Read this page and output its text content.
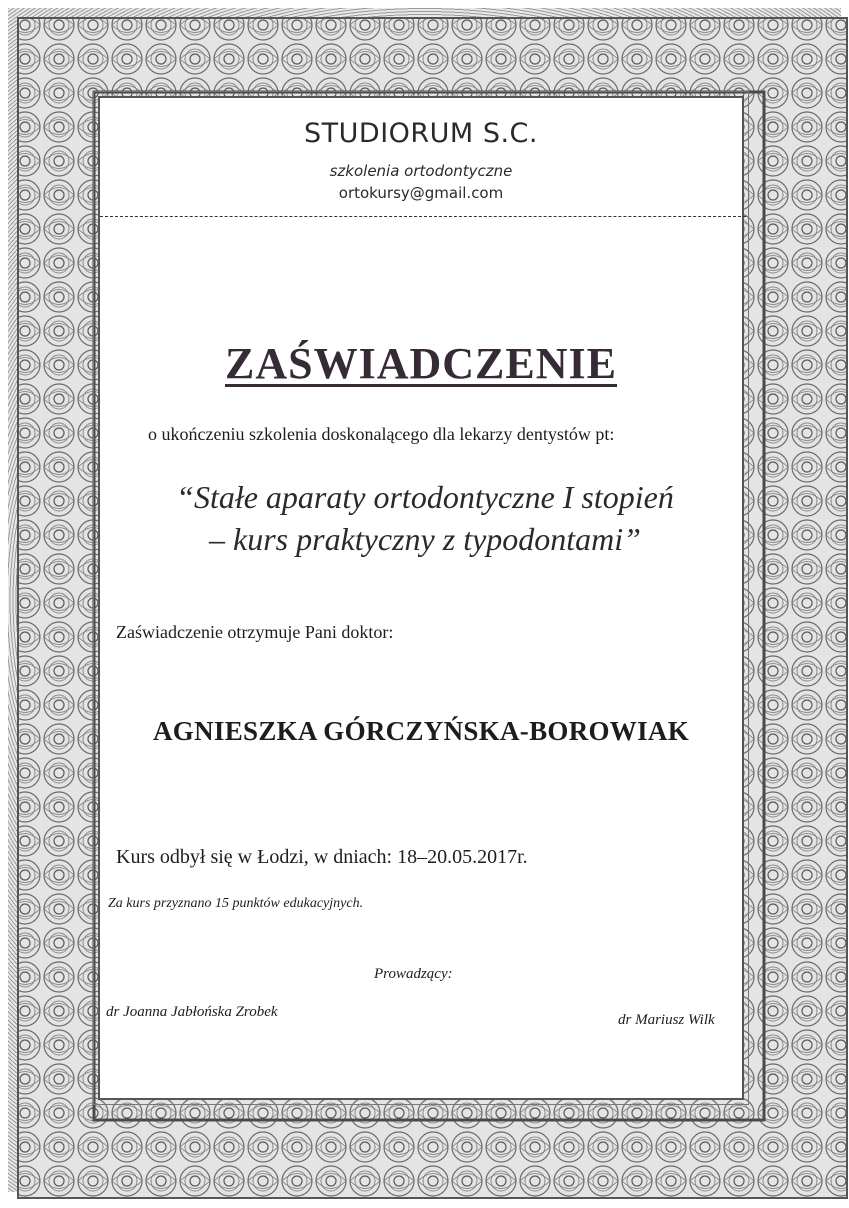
STUDIORUM S.C.
szkolenia ortodontyczne
ortokursy@gmail.com
ZAŚWIADCZENIE
o ukończeniu szkolenia doskonalącego dla lekarzy dentystów pt:
“Stałe aparaty ortodontyczne I stopień
– kurs praktyczny z typodontami”
Zaświadczenie otrzymuje Pani doktor:
AGNIESZKA GÓRCZYŃSKA-BOROWIAK
Kurs odbył się w Łodzi, w dniach: 18–20.05.2017r.
Za kurs przyznano 15 punktów edukacyjnych.
Prowadzący:
dr Joanna Jabłońska Zrobek	dr Mariusz Wilk
